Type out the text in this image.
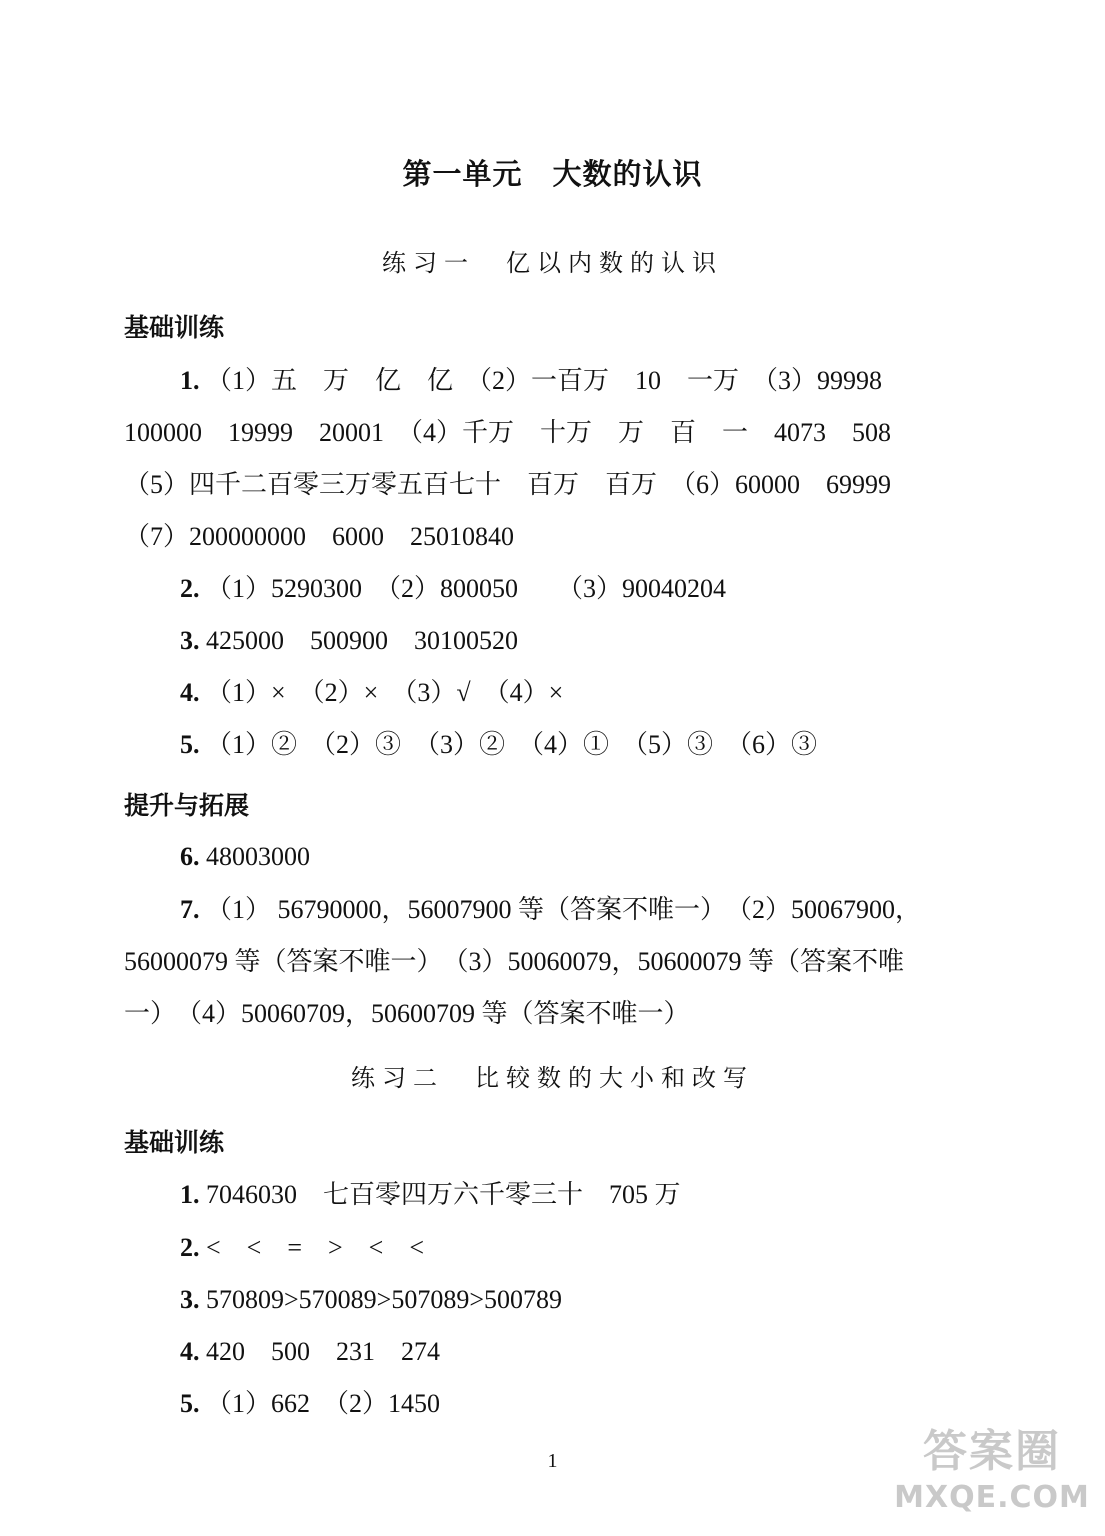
第一单元　大数的认识
练习一　亿以内数的认识
基础训练
1. （1）五　万　亿　亿　（2）一百万　10　一万　（3）99998
100000　19999　20001　（4）千万　十万　万　百　一　4073　508
（5）四千二百零三万零五百七十　百万　百万　（6）60000　69999
（7）200000000　6000　25010840
2. （1）5290300　（2）800050　　（3）90040204
3. 425000　500900　30100520
4. （1）×　（2）×　（3）√　（4）×
5. （1）②　（2）③　（3）②　（4）①　（5）③　（6）③
提升与拓展
6. 48003000
7. （1） 56790000，56007900 等（答案不唯一）　（2）50067900，
56000079 等（答案不唯一）　（3）50060079，50600079 等（答案不唯
一）　（4）50060709，50600709 等（答案不唯一）
练习二　比较数的大小和改写
基础训练
1. 7046030　七百零四万六千零三十　705 万
2. <　<　=　>　<　<
3. 570809>570089>507089>500789
4. 420　500　231　274
5. （1）662　（2）1450
1	答案圈
MXQE.COM
